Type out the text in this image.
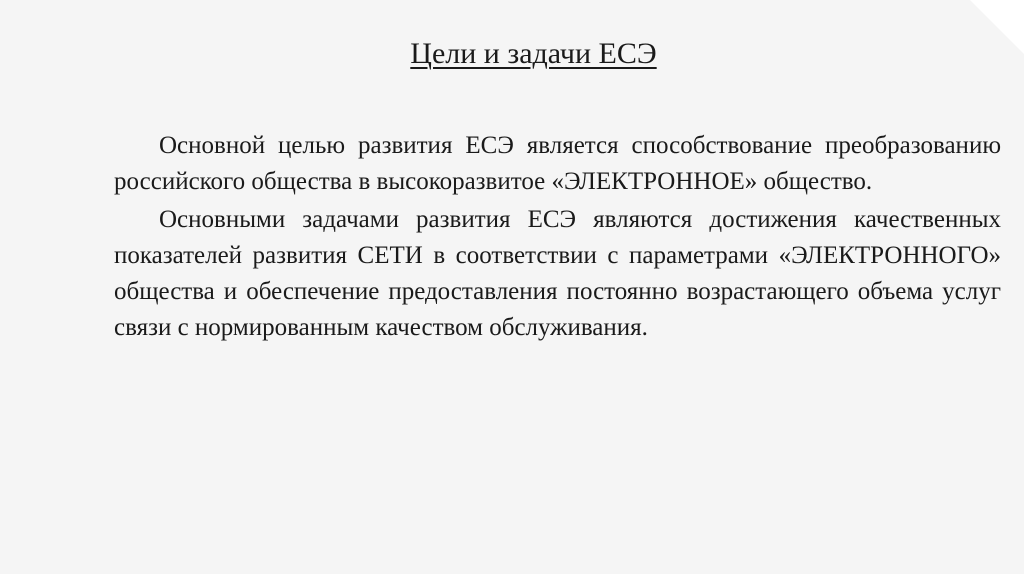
Цели и задачи ЕСЭ

Основной целью развития ЕСЭ является способствование преобразованию российского общества в высокоразвитое «ЭЛЕКТРОННОЕ» общество.

Основными задачами развития ЕСЭ являются достижения качественных показателей развития СЕТИ в соответствии с параметрами «ЭЛЕКТРОННОГО» общества и обеспечение предоставления постоянно возрастающего объема услуг связи с нормированным качеством обслуживания.
